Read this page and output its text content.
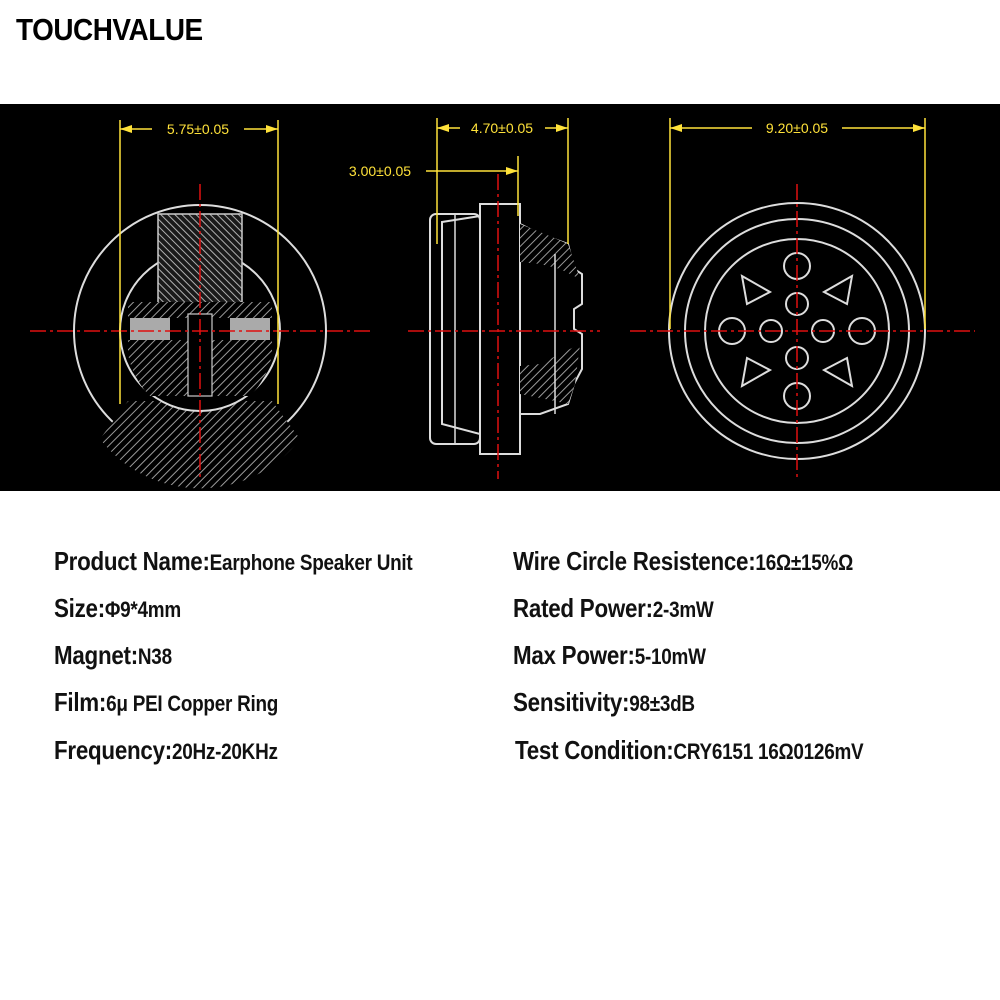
TOUCHVALUE
5.75±0.05	4.70±0.05
3.00±0.05
9.20±0.05
Product Name:Earphone Speaker Unit
Size:Φ9*4mm
Magnet:N38
Film:6μ PEI Copper Ring
Frequency:20Hz-20KHz
Wire Circle Resistence:16Ω±15%Ω
Rated Power:2-3mW
Max Power:5-10mW
Sensitivity:98±3dB
Test Condition:CRY6151 16Ω0126mV
